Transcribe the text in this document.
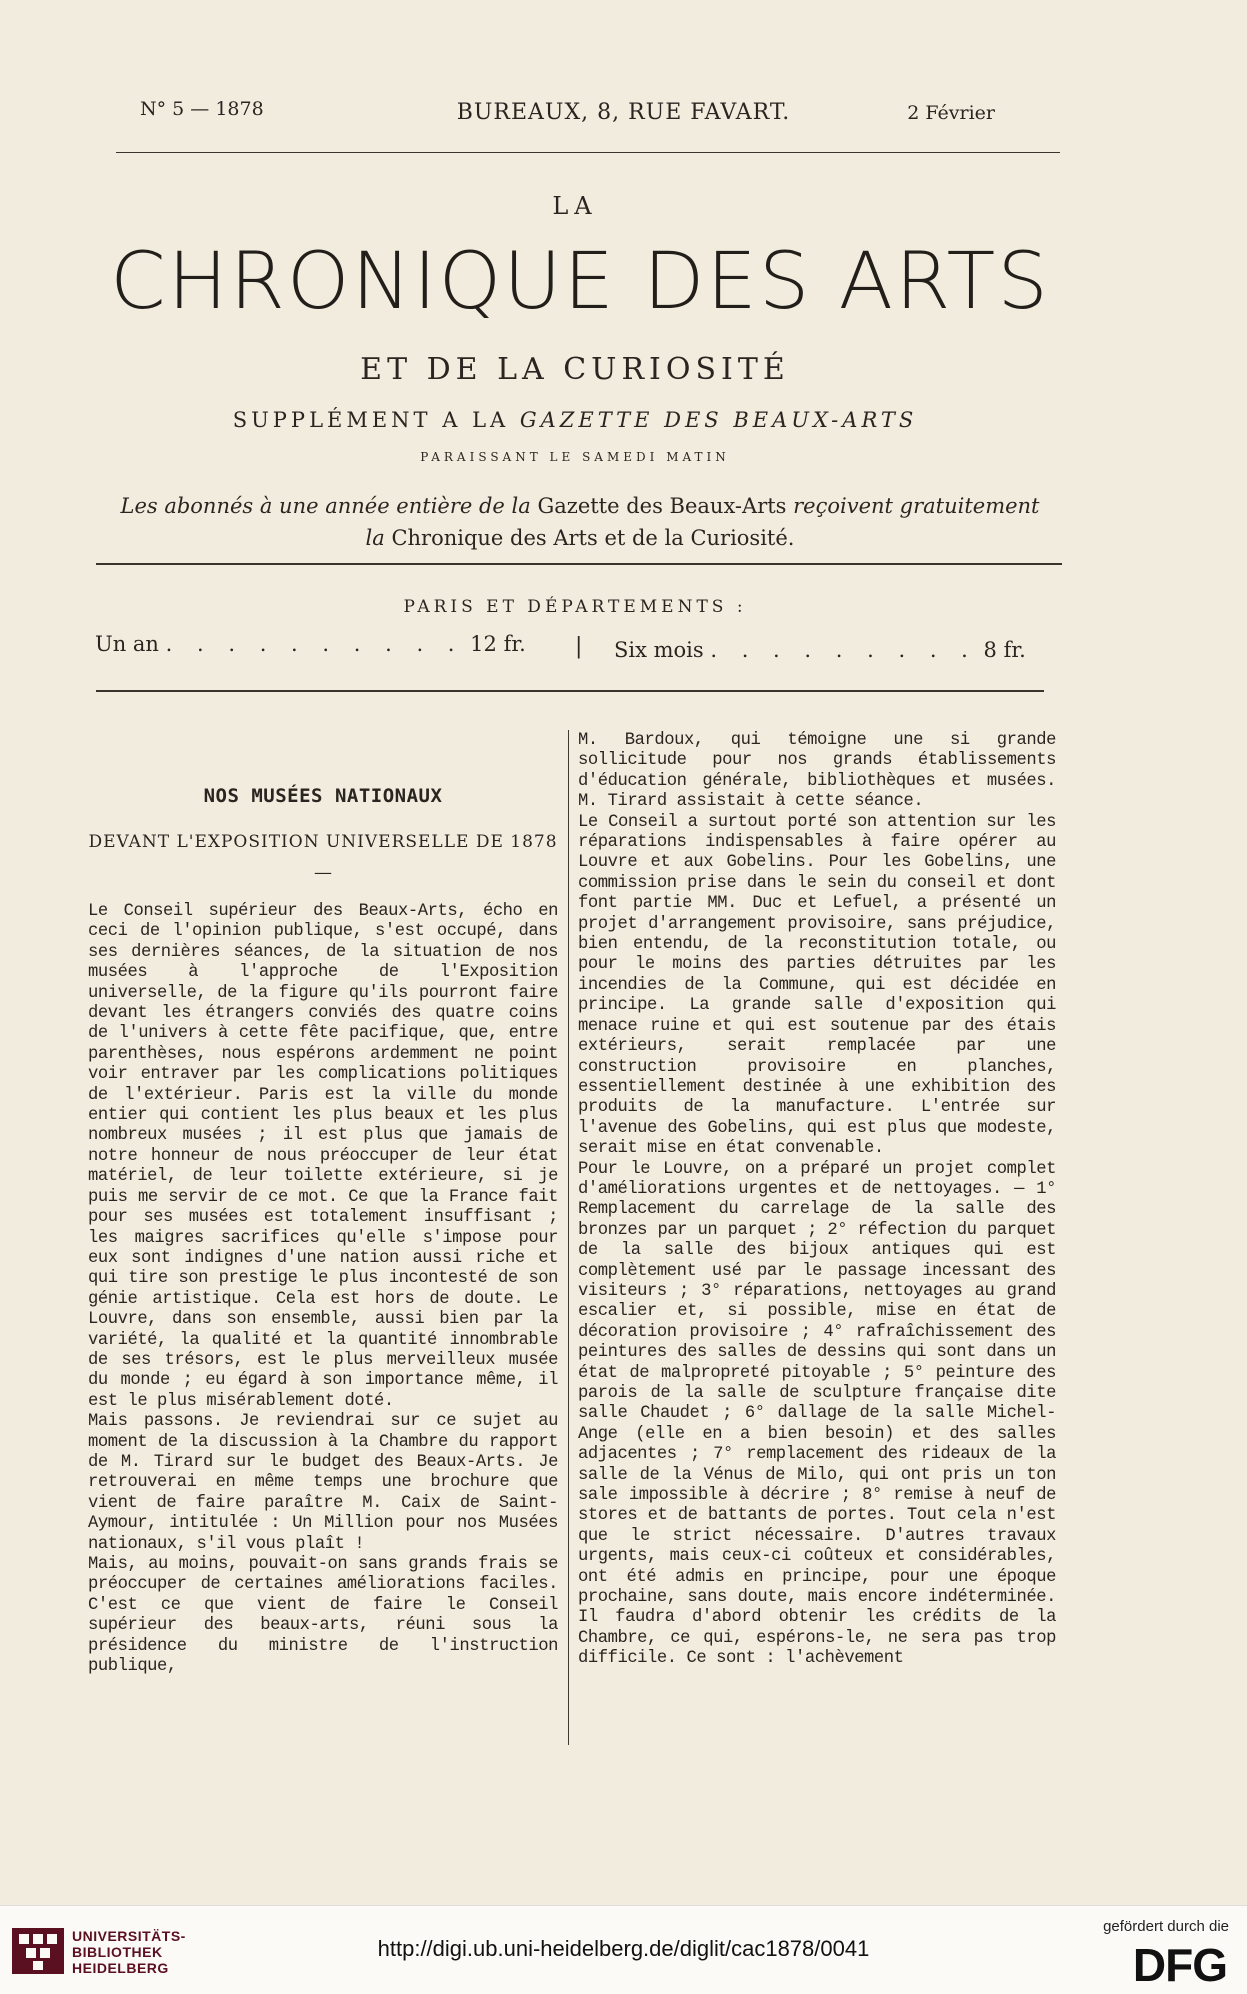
N° 5 — 1878	BUREAUX, 8, RUE FAVART.	2 Février
LA
CHRONIQUE DES ARTS
ET DE LA CURIOSITÉ
SUPPLÉMENT A LA GAZETTE DES BEAUX-ARTS
PARAISSANT LE SAMEDI MATIN
Les abonnés à une année entière de la Gazette des Beaux-Arts reçoivent gratuitement
la Chronique des Arts et de la Curiosité.
PARIS ET DÉPARTEMENTS :
Un an . . . . . . . . . . 12 fr.	| Six mois . . . . . . . . . 8 fr.
NOS MUSÉES NATIONAUX
DEVANT L'EXPOSITION UNIVERSELLE DE 1878
—
Le Conseil supérieur des Beaux-Arts, écho en ceci de l'opinion publique, s'est occupé, dans ses dernières séances, de la situation de nos musées à l'approche de l'Exposition universelle, de la figure qu'ils pourront faire devant les étrangers conviés des quatre coins de l'univers à cette fête pacifique, que, entre parenthèses, nous espérons ardemment ne point voir entraver par les complications politiques de l'extérieur. Paris est la ville du monde entier qui contient les plus beaux et les plus nombreux musées ; il est plus que jamais de notre honneur de nous préoccuper de leur état matériel, de leur toilette extérieure, si je puis me servir de ce mot. Ce que la France fait pour ses musées est totalement insuffisant ; les maigres sacrifices qu'elle s'impose pour eux sont indignes d'une nation aussi riche et qui tire son prestige le plus incontesté de son génie artistique. Cela est hors de doute. Le Louvre, dans son ensemble, aussi bien par la variété, la qualité et la quantité innombrable de ses trésors, est le plus merveilleux musée du monde ; eu égard à son importance même, il est le plus misérablement doté.
Mais passons. Je reviendrai sur ce sujet au moment de la discussion à la Chambre du rapport de M. Tirard sur le budget des Beaux-Arts. Je retrouverai en même temps une brochure que vient de faire paraître M. Caix de Saint-Aymour, intitulée : Un Million pour nos Musées nationaux, s'il vous plaît !
Mais, au moins, pouvait-on sans grands frais se préoccuper de certaines améliorations faciles. C'est ce que vient de faire le Conseil supérieur des beaux-arts, réuni sous la présidence du ministre de l'instruction publique,
M. Bardoux, qui témoigne une si grande sollicitude pour nos grands établissements d'éducation générale, bibliothèques et musées. M. Tirard assistait à cette séance.
Le Conseil a surtout porté son attention sur les réparations indispensables à faire opérer au Louvre et aux Gobelins. Pour les Gobelins, une commission prise dans le sein du conseil et dont font partie MM. Duc et Lefuel, a présenté un projet d'arrangement provisoire, sans préjudice, bien entendu, de la reconstitution totale, ou pour le moins des parties détruites par les incendies de la Commune, qui est décidée en principe. La grande salle d'exposition qui menace ruine et qui est soutenue par des étais extérieurs, serait remplacée par une construction provisoire en planches, essentiellement destinée à une exhibition des produits de la manufacture. L'entrée sur l'avenue des Gobelins, qui est plus que modeste, serait mise en état convenable.
Pour le Louvre, on a préparé un projet complet d'améliorations urgentes et de nettoyages. — 1° Remplacement du carrelage de la salle des bronzes par un parquet ; 2° réfection du parquet de la salle des bijoux antiques qui est complètement usé par le passage incessant des visiteurs ; 3° réparations, nettoyages au grand escalier et, si possible, mise en état de décoration provisoire ; 4° rafraîchissement des peintures des salles de dessins qui sont dans un état de malpropreté pitoyable ; 5° peinture des parois de la salle de sculpture française dite salle Chaudet ; 6° dallage de la salle Michel-Ange (elle en a bien besoin) et des salles adjacentes ; 7° remplacement des rideaux de la salle de la Vénus de Milo, qui ont pris un ton sale impossible à décrire ; 8° remise à neuf de stores et de battants de portes. Tout cela n'est que le strict nécessaire. D'autres travaux urgents, mais ceux-ci coûteux et considérables, ont été admis en principe, pour une époque prochaine, sans doute, mais encore indéterminée. Il faudra d'abord obtenir les crédits de la Chambre, ce qui, espérons-le, ne sera pas trop difficile. Ce sont : l'achèvement
UNIVERSITÄTS-
BIBLIOTHEK
HEIDELBERG
http://digi.ub.uni-heidelberg.de/diglit/cac1878/0041
gefördert durch die
DFG
